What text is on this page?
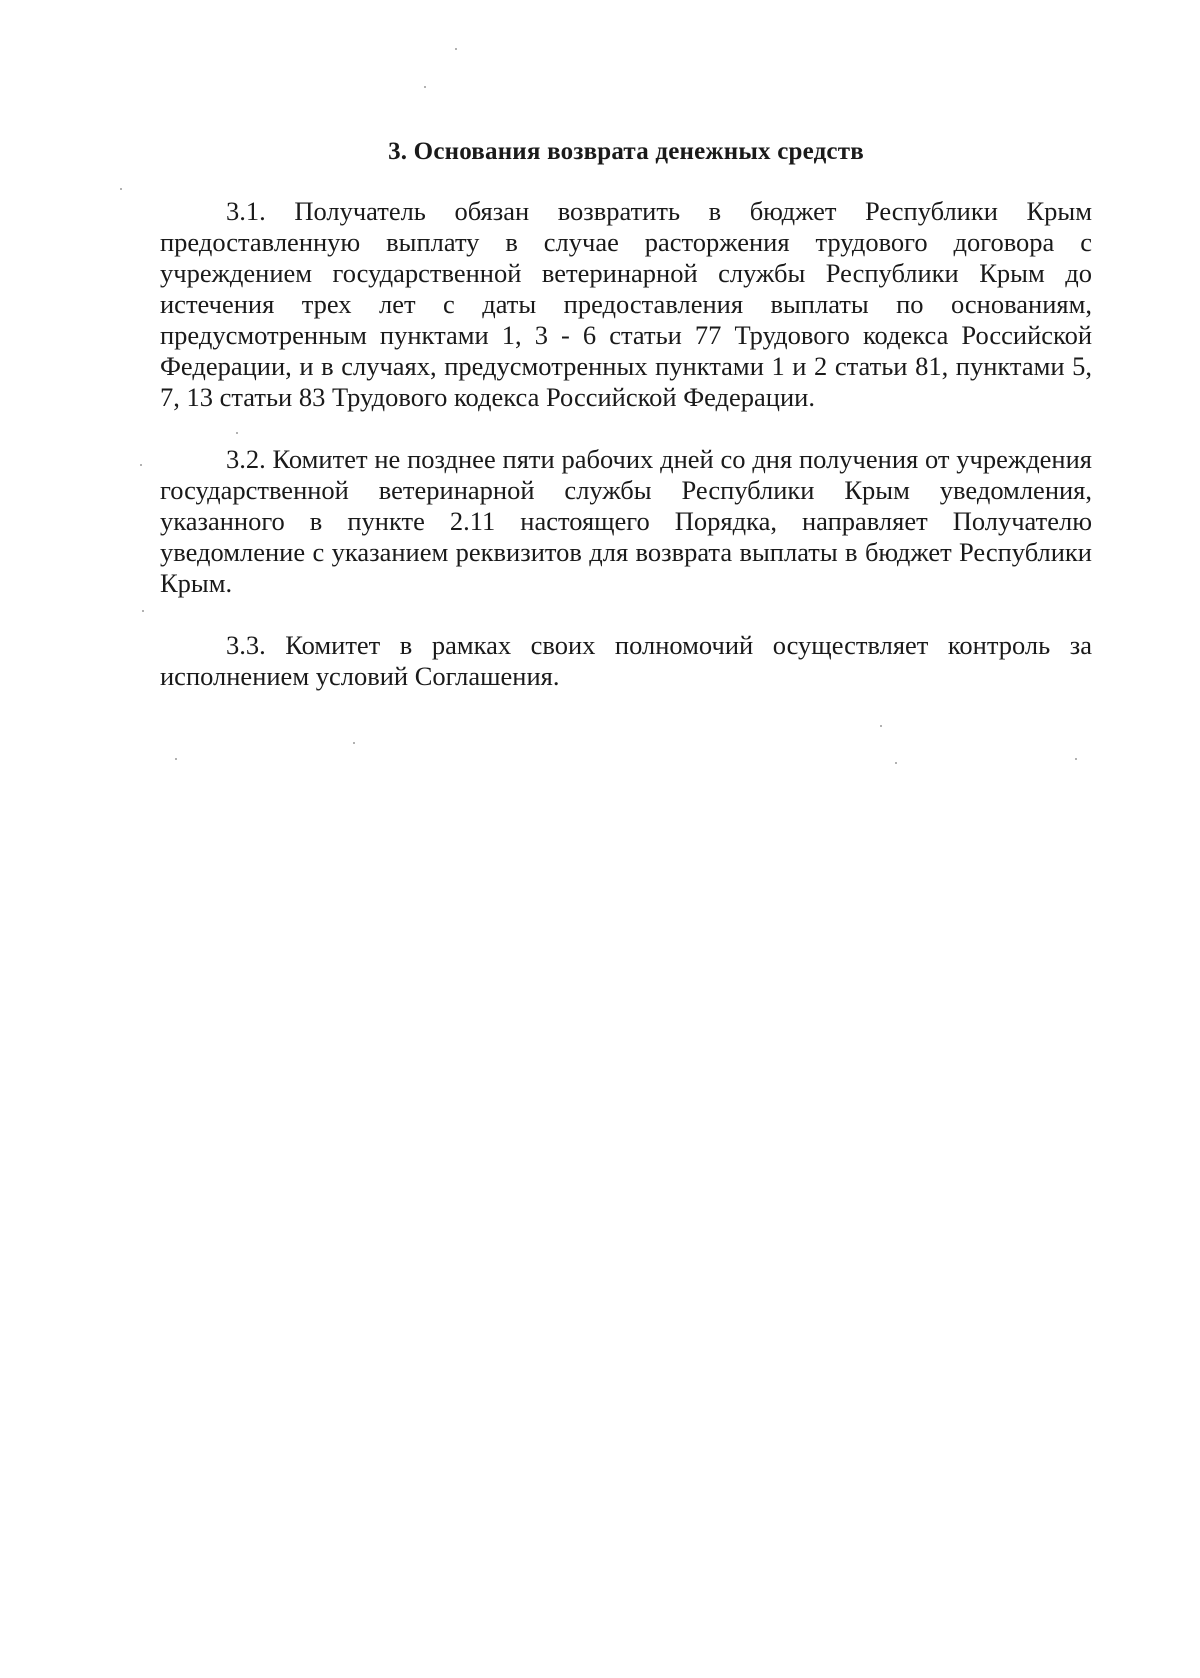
3. Основания возврата денежных средств

3.1. Получатель обязан возвратить в бюджет Республики Крым предоставленную выплату в случае расторжения трудового договора с учреждением государственной ветеринарной службы Республики Крым до истечения трех лет с даты предоставления выплаты по основаниям, предусмотренным пунктами 1, 3 - 6 статьи 77 Трудового кодекса Российской Федерации, и в случаях, предусмотренных пунктами 1 и 2 статьи 81, пунктами 5, 7, 13 статьи 83 Трудового кодекса Российской Федерации.

3.2. Комитет не позднее пяти рабочих дней со дня получения от учреждения государственной ветеринарной службы Республики Крым уведомления, указанного в пункте 2.11 настоящего Порядка, направляет Получателю уведомление с указанием реквизитов для возврата выплаты в бюджет Республики Крым.

3.3. Комитет в рамках своих полномочий осуществляет контроль за исполнением условий Соглашения.
